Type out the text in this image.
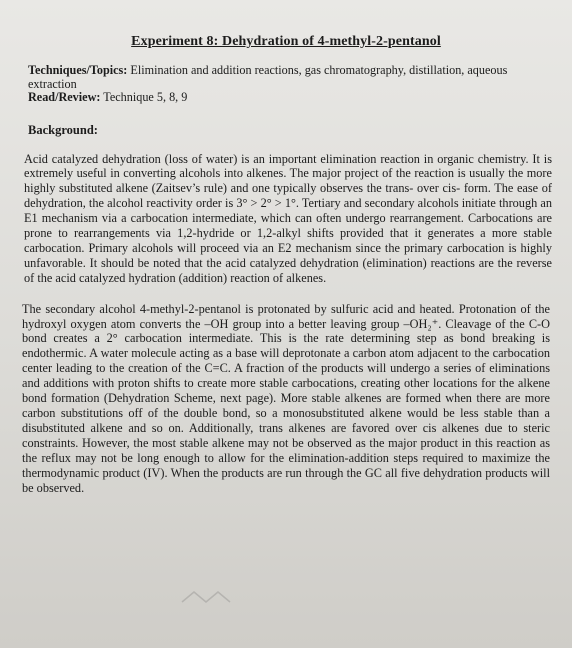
Experiment 8: Dehydration of 4-methyl-2-pentanol
Techniques/Topics: Elimination and addition reactions, gas chromatography, distillation, aqueous extraction
Read/Review: Technique 5, 8, 9
Background:

Acid catalyzed dehydration (loss of water) is an important elimination reaction in organic chemistry. It is extremely useful in converting alcohols into alkenes. The major project of the reaction is usually the more highly substituted alkene (Zaitsev’s rule) and one typically observes the trans- over cis- form. The ease of dehydration, the alcohol reactivity order is 3° > 2° > 1°. Tertiary and secondary alcohols initiate through an E1 mechanism via a carbocation intermediate, which can often undergo rearrangement. Carbocations are prone to rearrangements via 1,2-hydride or 1,2-alkyl shifts provided that it generates a more stable carbocation. Primary alcohols will proceed via an E2 mechanism since the primary carbocation is highly unfavorable. It should be noted that the acid catalyzed dehydration (elimination) reactions are the reverse of the acid catalyzed hydration (addition) reaction of alkenes.

The secondary alcohol 4-methyl-2-pentanol is protonated by sulfuric acid and heated. Protonation of the hydroxyl oxygen atom converts the –OH group into a better leaving group –OH₂⁺. Cleavage of the C-O bond creates a 2° carbocation intermediate. This is the rate determining step as bond breaking is endothermic. A water molecule acting as a base will deprotonate a carbon atom adjacent to the carbocation center leading to the creation of the C=C. A fraction of the products will undergo a series of eliminations and additions with proton shifts to create more stable carbocations, creating other locations for the alkene bond formation (Dehydration Scheme, next page). More stable alkenes are formed when there are more carbon substitutions off of the double bond, so a monosubstituted alkene would be less stable than a disubstituted alkene and so on. Additionally, trans alkenes are favored over cis alkenes due to steric constraints. However, the most stable alkene may not be observed as the major product in this reaction as the reflux may not be long enough to allow for the elimination-addition steps required to maximize the thermodynamic product (IV). When the products are run through the GC all five dehydration products will be observed.
